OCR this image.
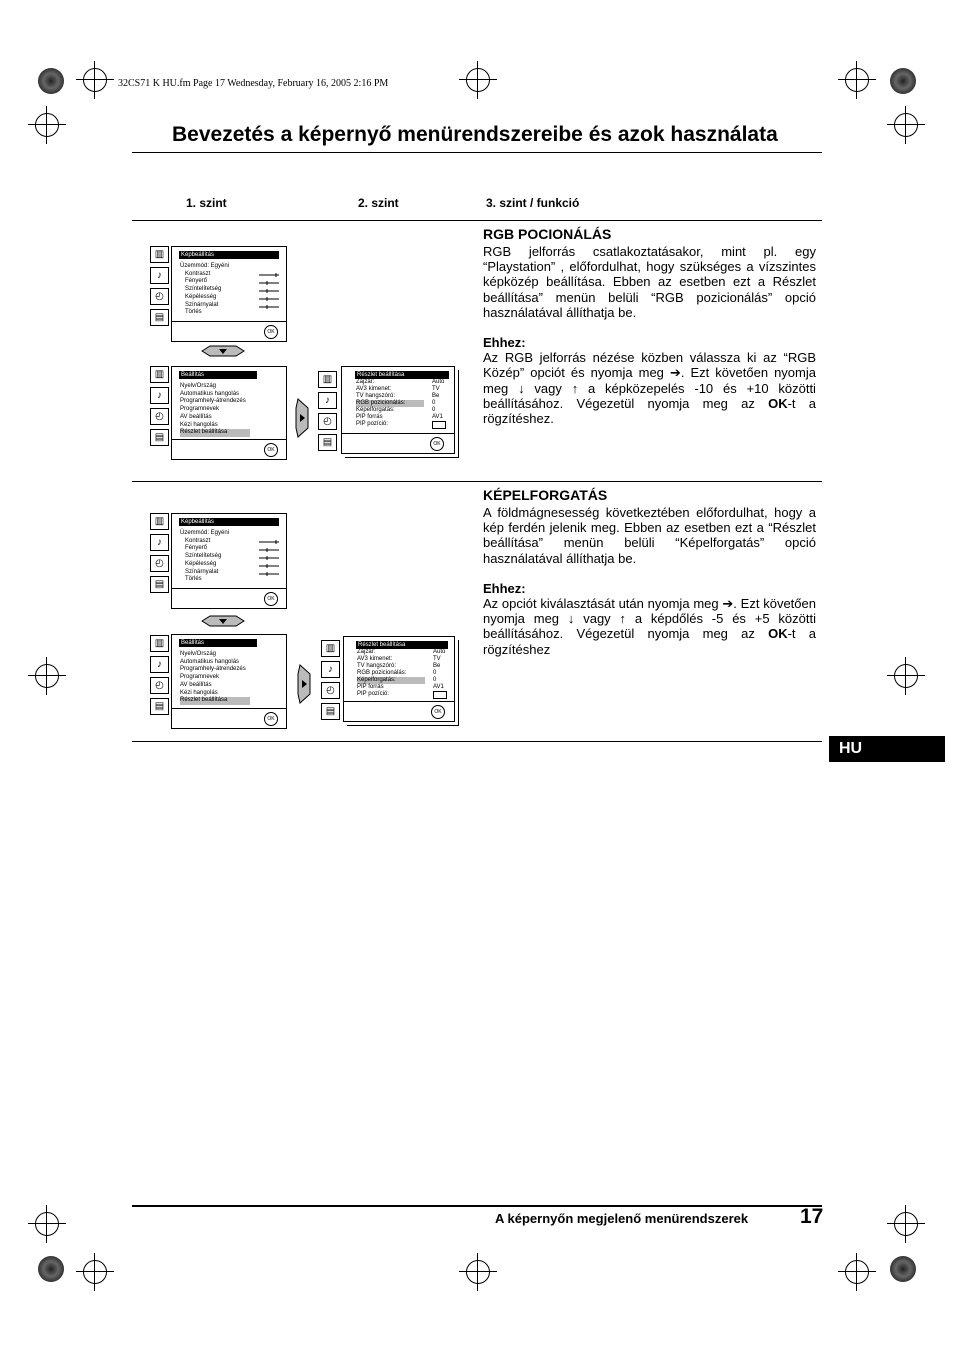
32CS71 K HU.fm Page 17 Wednesday, February 16, 2005 2:16 PM
Bevezetés a képernyő menürendszereibe és azok használata
1. szint	2. szint	3. szint / funkció
▥
♪
◴
▤
Képbeállítás
Üzemmód: Egyéni
Kontraszt
Fényerő
Színtelítetség
Képélesség
Színárnyalat
Törlés
OK
▥
♪
◴
▤
Beállítás
Nyelv/Ország
Automatikus hangolás
Programhely-átrendezés
Programnevek
AV beállítás
Kézi hangolás
Részlet beállítása
OK
▥
♪
◴
▤
Részlet beállítása
Zajzár:
AV3 kimenet:
TV hangszóró:
RGB pozicionálás:
Képelforgatás:
PIP forrás
PIP pozíció:
Auto
TV
Be
0
0
AV1
OK
RGB POCIONÁLÁS

RGB jelforrás csatlakoztatásakor, mint pl. egy “Playstation” , előfordulhat, hogy szükséges a vízszintes képközép beállítása. Ebben az esetben ezt a Részlet beállítása” menün belüli “RGB pozicionálás” opció használatával állíthatja be.

Ehhez:

Az RGB jelforrás nézése közben válassza ki az “RGB Közép” opciót és nyomja meg ➔. Ezt követően nyomja meg ↓ vagy ↑ a képközepelés -10 és +10 közötti beállításához. Végezetül nyomja meg az OK-t a rögzítéshez.

▥
♪
◴
▤
Képbeállítás
Üzemmód: Egyéni
Kontraszt
Fényerő
Színtelítetség
Képélesség
Színárnyalat
Törlés
OK
▥
♪
◴
▤
Beállítás
Nyelv/Ország
Automatikus hangolás
Programhely-átrendezés
Programnevek
AV beállítás
Kézi hangolás
Részlet beállítása
OK
▥
♪
◴
▤
Részlet beállítása
Zajzár:
AV3 kimenet:
TV hangszóró:
RGB pozicionálás:
Képelforgatás:
PIP forrás
PIP pozíció:
Auto
TV
Be
0
0
AV1
OK
KÉPELFORGATÁS

A földmágnesesség következtében előfordulhat, hogy a kép ferdén jelenik meg. Ebben az esetben ezt a “Részlet beállítása” menün belüli “Képelforgatás” opció használatával állíthatja be.

Ehhez:

Az opciót kiválasztását után nyomja meg ➔. Ezt követően nyomja meg ↓ vagy ↑ a képdőlés -5 és +5 közötti beállításához. Végezetül nyomja meg az OK-t a rögzítéshez

HU
A képernyőn megjelenő menürendszerek 17
